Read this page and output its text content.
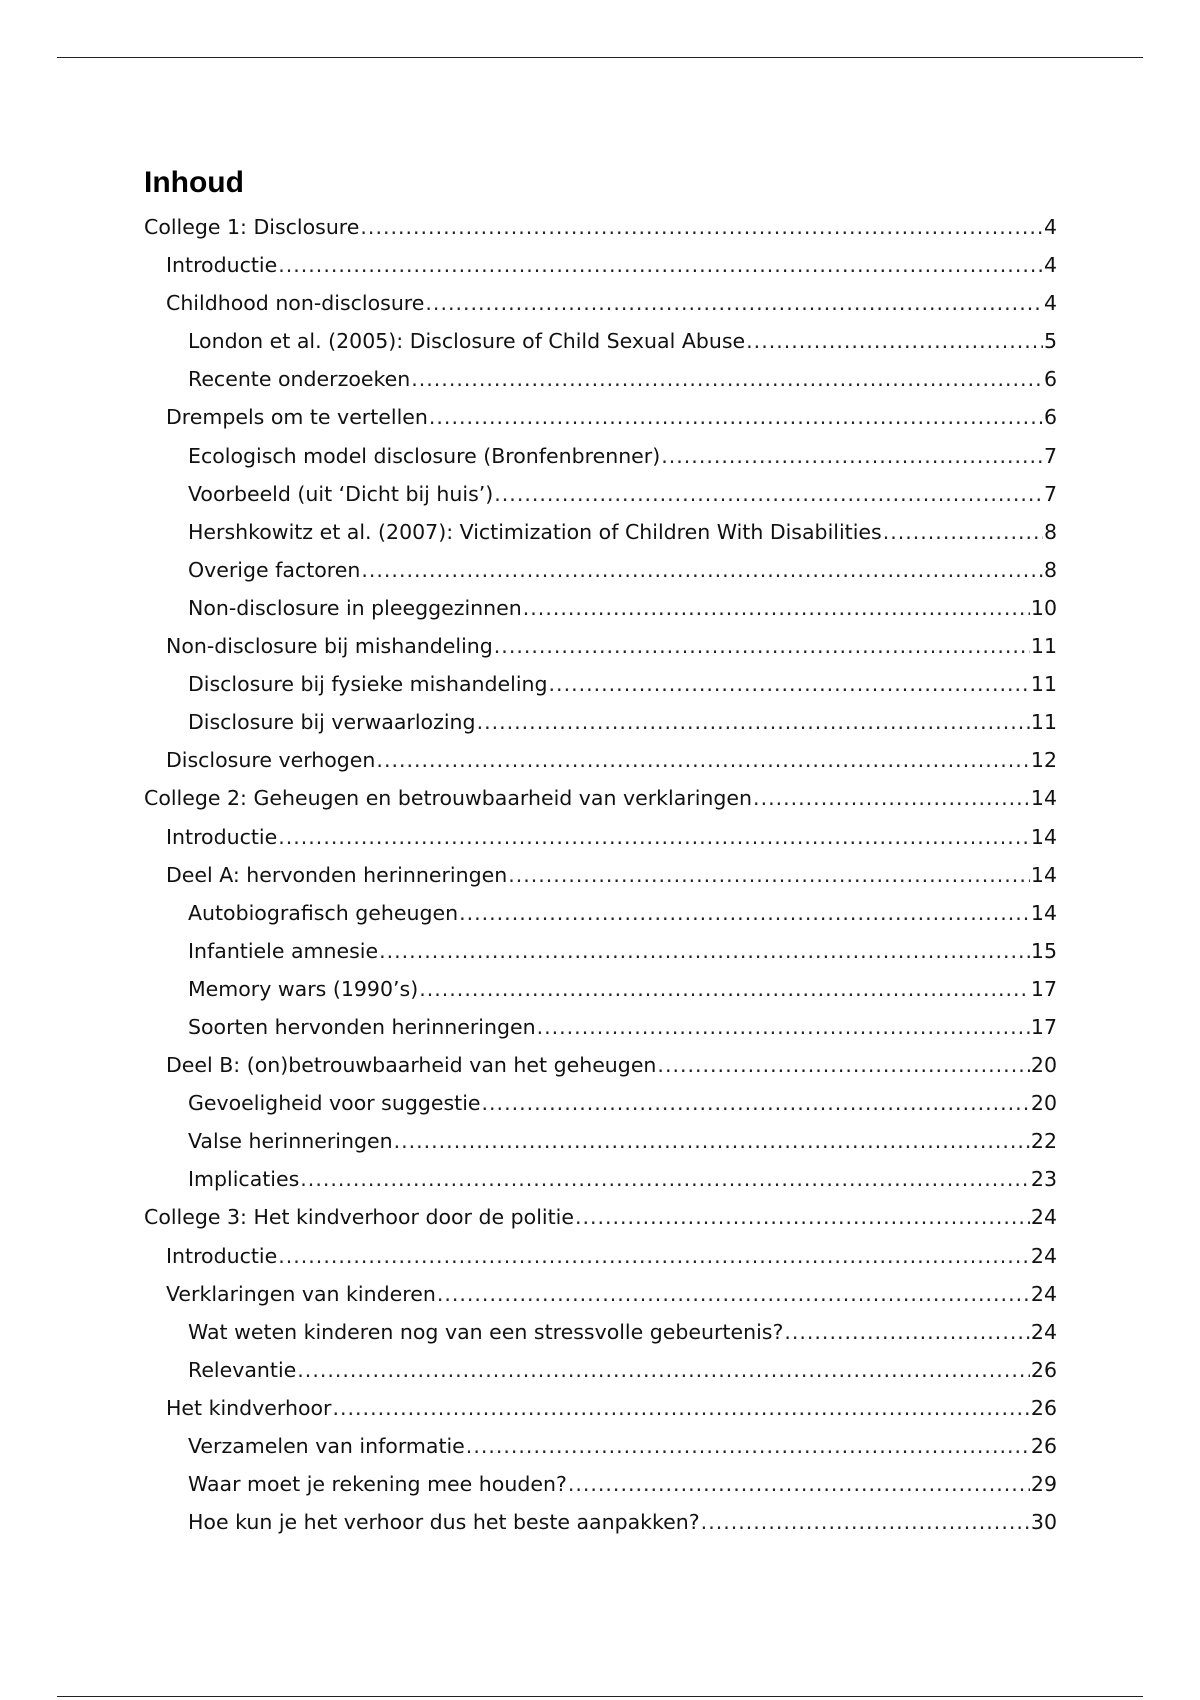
Inhoud
College 1: Disclosure .....	4
Introductie .....	4
Childhood non-disclosure .....	4
London et al. (2005): Disclosure of Child Sexual Abuse .....	5
Recente onderzoeken .....	6
Drempels om te vertellen .....	6
Ecologisch model disclosure (Bronfenbrenner) .....	7
Voorbeeld (uit ‘Dicht bij huis’) .....	7
Hershkowitz et al. (2007): Victimization of Children With Disabilities .....	8
Overige factoren .....	8
Non-disclosure in pleeggezinnen .....	10
Non-disclosure bij mishandeling .....	11
Disclosure bij fysieke mishandeling .....	11
Disclosure bij verwaarlozing .....	11
Disclosure verhogen .....	12
College 2: Geheugen en betrouwbaarheid van verklaringen .....	14
Introductie .....	14
Deel A: hervonden herinneringen .....	14
Autobiografisch geheugen .....	14
Infantiele amnesie .....	15
Memory wars (1990’s) .....	17
Soorten hervonden herinneringen .....	17
Deel B: (on)betrouwbaarheid van het geheugen .....	20
Gevoeligheid voor suggestie .....	20
Valse herinneringen .....	22
Implicaties .....	23
College 3: Het kindverhoor door de politie .....	24
Introductie .....	24
Verklaringen van kinderen .....	24
Wat weten kinderen nog van een stressvolle gebeurtenis? .....	24
Relevantie .....	26
Het kindverhoor .....	26
Verzamelen van informatie .....	26
Waar moet je rekening mee houden? .....	29
Hoe kun je het verhoor dus het beste aanpakken? .....	30
